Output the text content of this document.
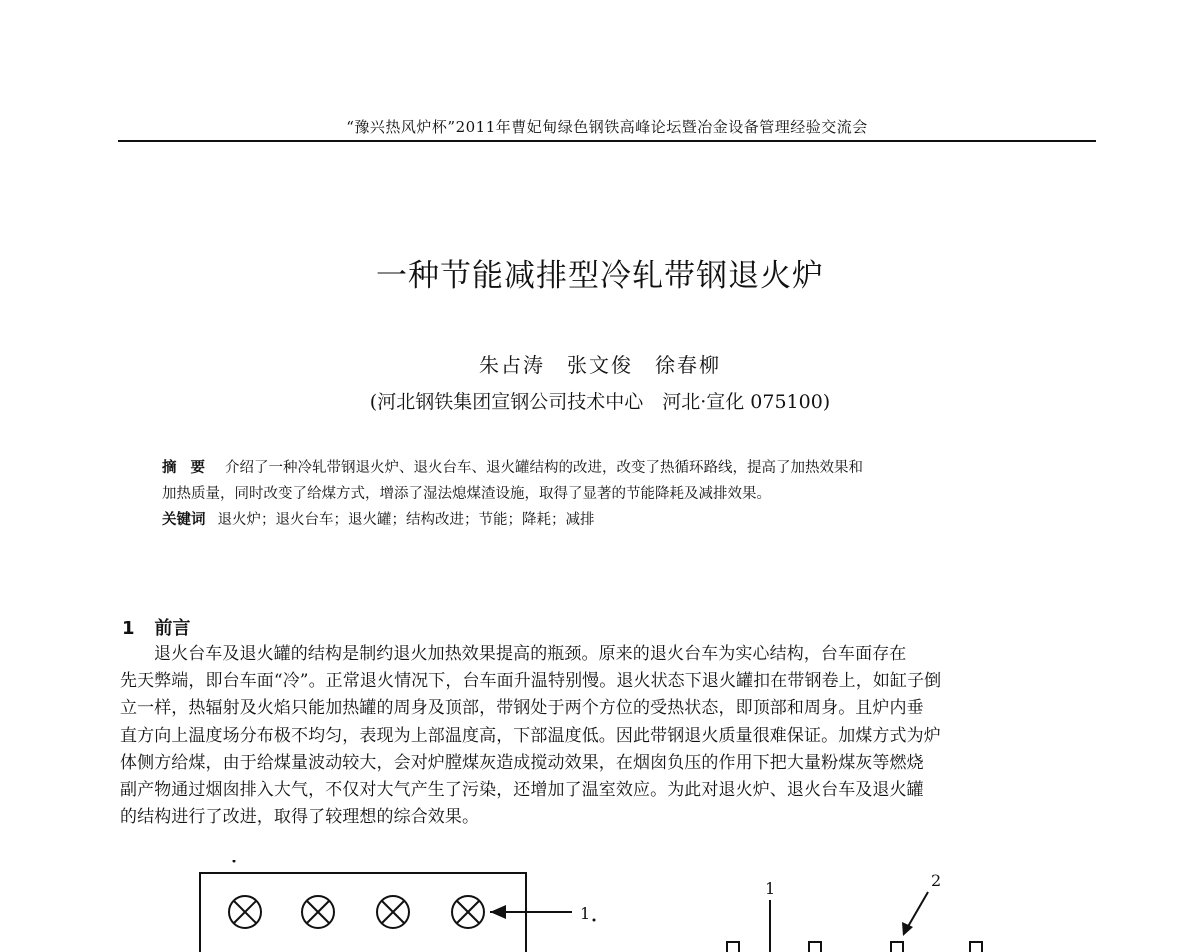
“豫兴热风炉杯”2011年曹妃甸绿色钢铁高峰论坛暨冶金设备管理经验交流会
一种节能减排型冷轧带钢退火炉
朱占涛　张文俊　徐春柳
(河北钢铁集团宣钢公司技术中心　河北·宣化 075100)
摘要 介绍了一种冷轧带钢退火炉、退火台车、退火罐结构的改进，改变了热循环路线，提高了加热效果和
加热质量，同时改变了给煤方式，增添了湿法熄煤渣设施，取得了显著的节能降耗及减排效果。
关键词 退火炉；退火台车；退火罐；结构改进；节能；降耗；减排
1 前言
退火台车及退火罐的结构是制约退火加热效果提高的瓶颈。原来的退火台车为实心结构，台车面存在
先天弊端，即台车面“冷”。正常退火情况下，台车面升温特别慢。退火状态下退火罐扣在带钢卷上，如缸子倒
立一样，热辐射及火焰只能加热罐的周身及顶部，带钢处于两个方位的受热状态，即顶部和周身。且炉内垂
直方向上温度场分布极不均匀，表现为上部温度高，下部温度低。因此带钢退火质量很难保证。加煤方式为炉
体侧方给煤，由于给煤量波动较大，会对炉膛煤灰造成搅动效果，在烟囱负压的作用下把大量粉煤灰等燃烧
副产物通过烟囱排入大气，不仅对大气产生了污染，还增加了温室效应。为此对退火炉、退火台车及退火罐
的结构进行了改进，取得了较理想的综合效果。
1
1	2
